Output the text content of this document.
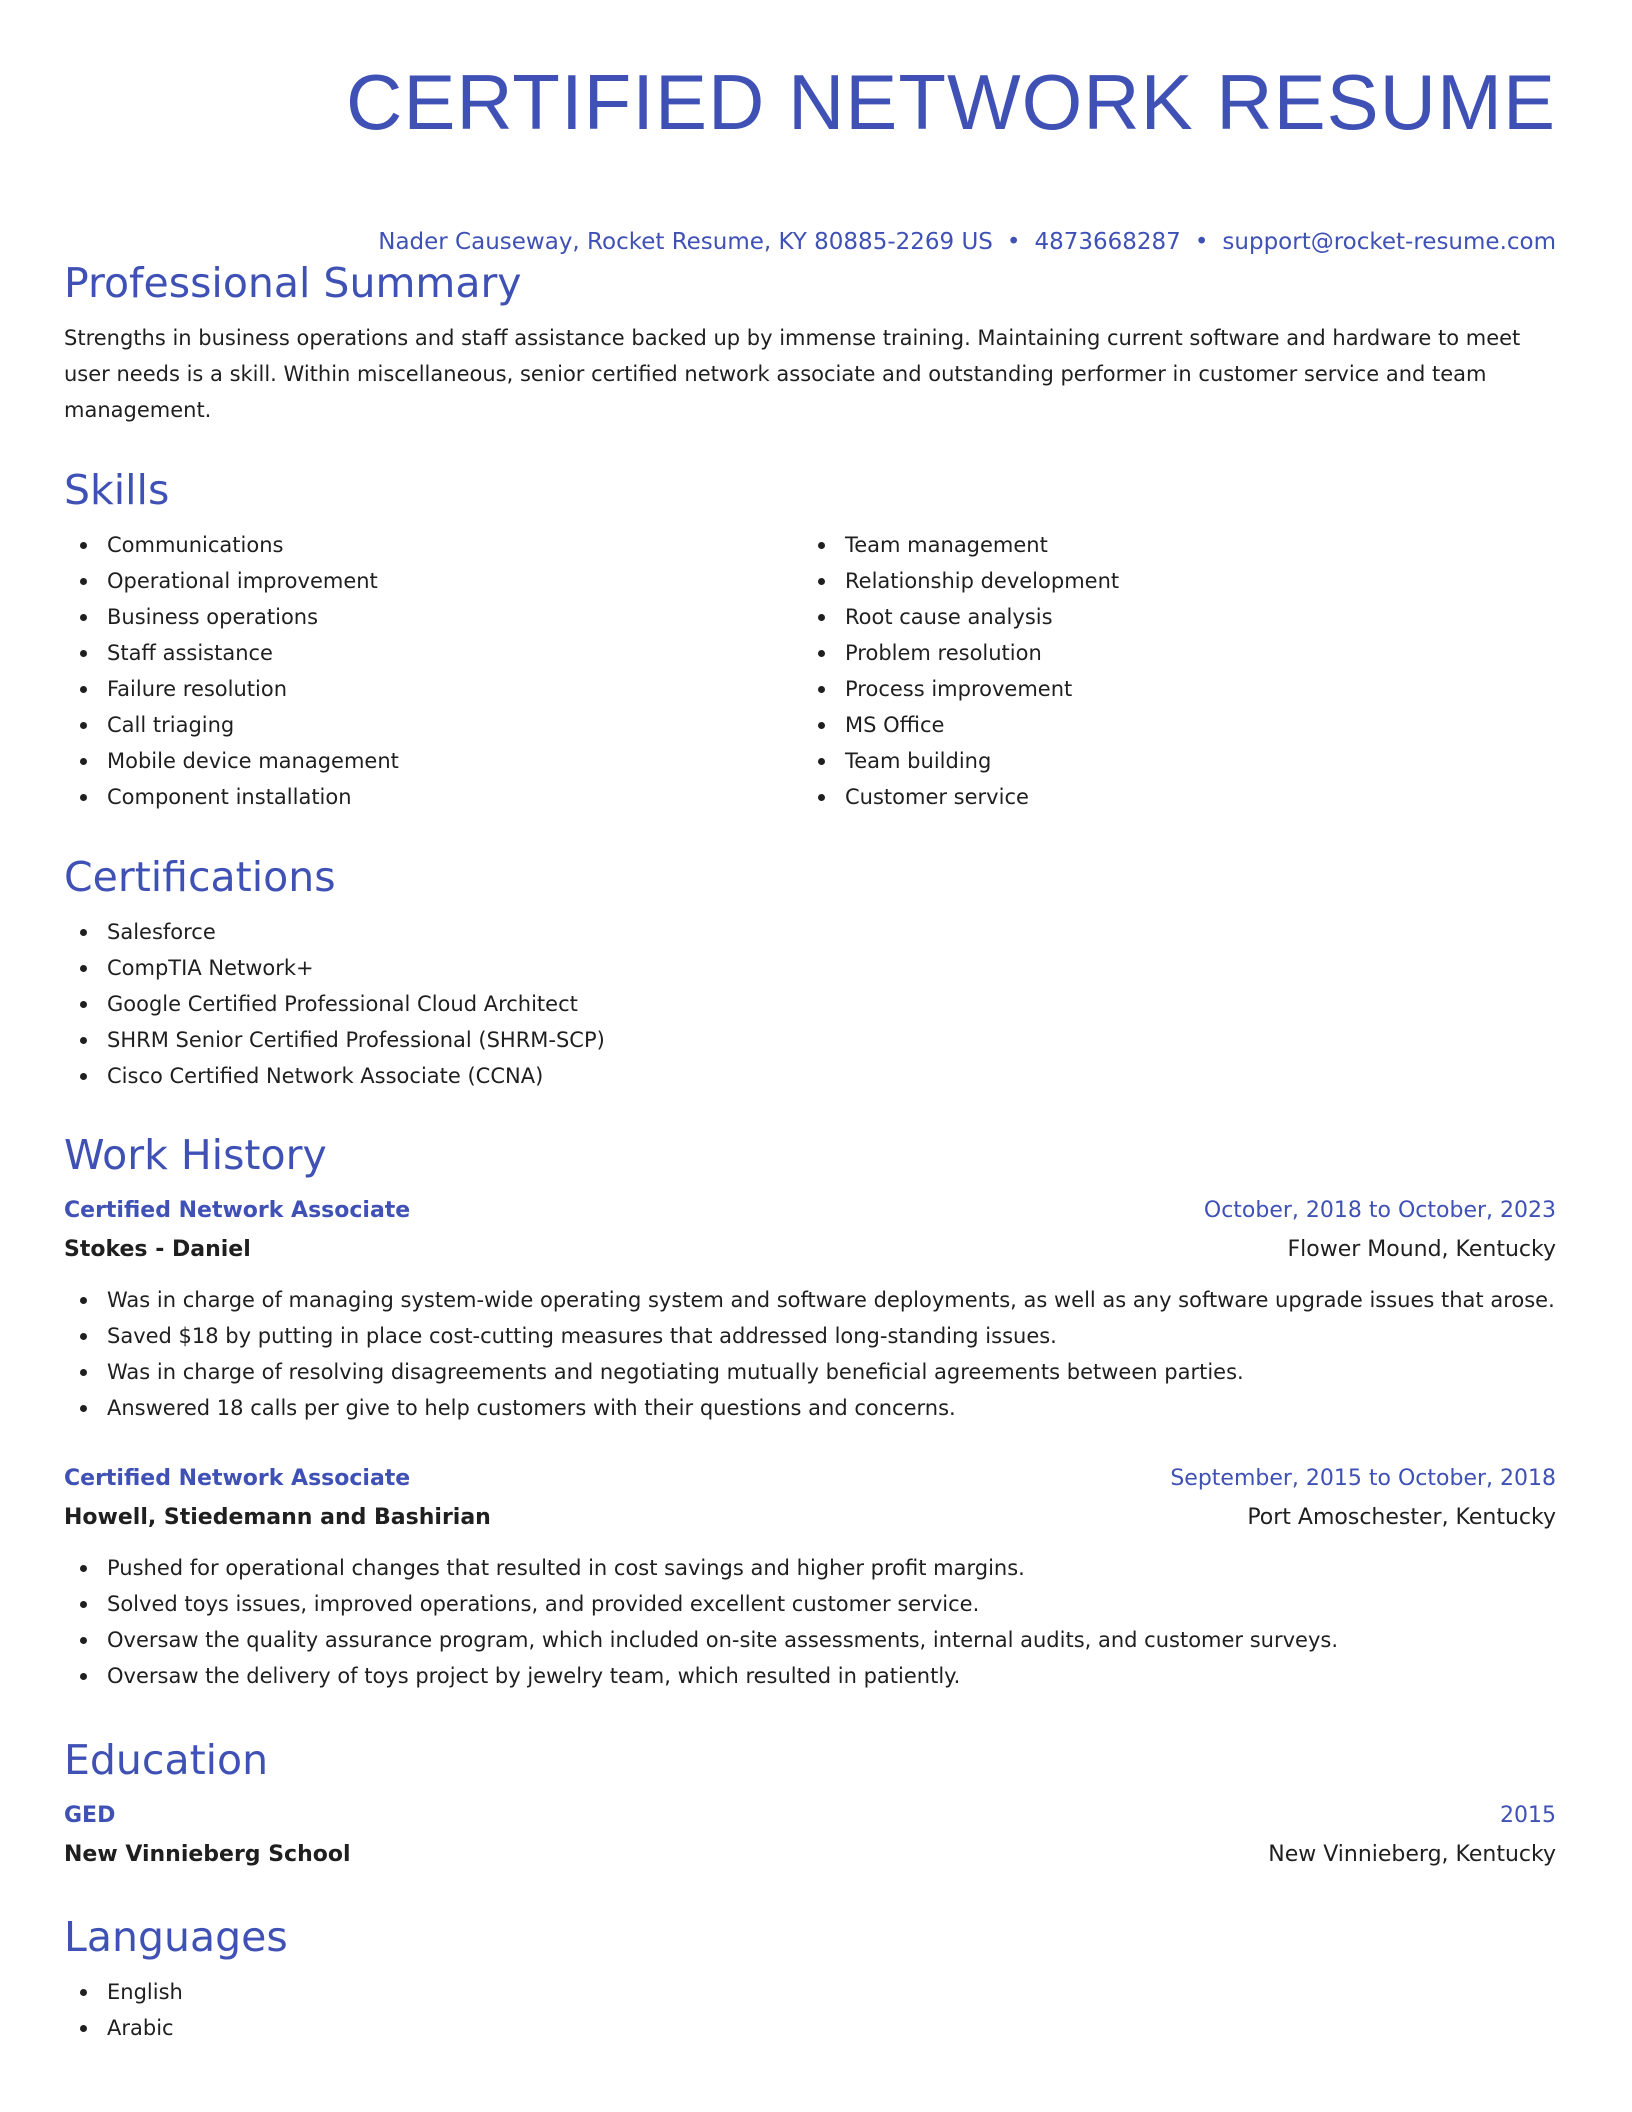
CERTIFIED NETWORK RESUME
Nader Causeway, Rocket Resume, KY 80885-2269 US • 4873668287 • support@rocket-resume.com
Professional Summary

Strengths in business operations and staff assistance backed up by immense training. Maintaining current software and hardware to meet user needs is a skill. Within miscellaneous, senior certified network associate and outstanding performer in customer service and team management.

Skills
Communications
Operational improvement
Business operations
Staff assistance
Failure resolution
Call triaging
Mobile device management
Component installation
Team management
Relationship development
Root cause analysis
Problem resolution
Process improvement
MS Office
Team building
Customer service
Certifications
Salesforce
CompTIA Network+
Google Certified Professional Cloud Architect
SHRM Senior Certified Professional (SHRM-SCP)
Cisco Certified Network Associate (CCNA)
Work History
Certified Network Associate	October, 2018 to October, 2023
Stokes - Daniel	Flower Mound, Kentucky
Was in charge of managing system-wide operating system and software deployments, as well as any software upgrade issues that arose.
Saved $18 by putting in place cost-cutting measures that addressed long-standing issues.
Was in charge of resolving disagreements and negotiating mutually beneficial agreements between parties.
Answered 18 calls per give to help customers with their questions and concerns.
Certified Network Associate	September, 2015 to October, 2018
Howell, Stiedemann and Bashirian	Port Amoschester, Kentucky
Pushed for operational changes that resulted in cost savings and higher profit margins.
Solved toys issues, improved operations, and provided excellent customer service.
Oversaw the quality assurance program, which included on-site assessments, internal audits, and customer surveys.
Oversaw the delivery of toys project by jewelry team, which resulted in patiently.
Education
GED	2015
New Vinnieberg School	New Vinnieberg, Kentucky
Languages
English
Arabic
